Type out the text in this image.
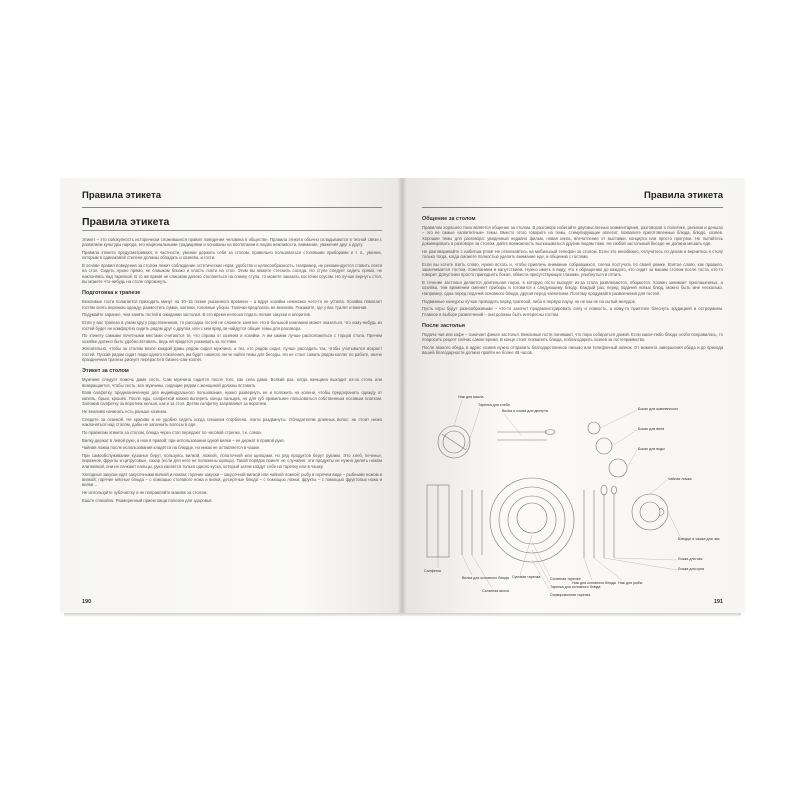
Правила этикета
Правила этикета

Этикет – это совокупность исторически сложившихся правил поведения человека в обществе. Правила этикета обычно складываются в тесной связи с развитием культуры народа, его национальными традициями и основаны на воспитании в людях вежливости, внимания, уважения друг к другу.

Правила этикета предусматривают, в частности, умение держать себя за столом, правильно пользоваться столовыми приборами и т. п., умение, которым в одинаковой степени должны обладать и хозяева, и гости.

В основе правил поведения за столом лежит соблюдение эстетических норм, удобство и целесообразность. Например, не рекомендуется ставить локти на стол. Сидеть нужно прямо, не слишком близко и класть локти на стол. Этим вы можете стеснить соседа. Но стуле следует сидеть прямо, не наклоняясь над тарелкой. В то же время не слишком далеко отклоняться на спинку стула, то можете заказать косточки соусом. Но лучше вернуть стол, вы можете что-нибудь на столе опрокинуть.

Подготовка к трапезе

Вежливые гости полагается приходить минут на 10–15 позже указанного времени – а вдруг хозяйка немножко чего-то не успела. Хозяйка помогает гостям снять верхнюю одежду, разместить сумки, зонтики, головные уборы. Тапочки предлагать не вежливо. Покажите, где у вас туалет и ванная.

Подумайте заранее, чем занять гостей в ожидании застолья. В это время неплохо подать легкие закуски и аперитив.

Если у вас трапеза в узком кругу родственников, то рассадка гостей не сложное занятие. Но в большой компании может оказаться, что кому-нибудь из гостей будет не комфортно сидеть рядом друг с другом, или с кем вряд ли найдутся общие темы для разговора.

По этикету самыми почетными местами считаются те, что справа от хозяина и хозяйки. А им самим лучше расположиться с торцов стола. Причем хозяйке должно быть удобно вставать, ведь ей придется ухаживать за гостями.

Желательно, чтобы за столом возле каждой дамы рядом сидел мужчина, а тех, кто рядом сидит, лучше рассадить так, чтобы учитывался возраст гостей. Пускай рядом сидят люди одного поколения, им будет намного легче найти темы для беседы. Но не стоит сажать рядом коллег по работе, иначе праздничная трапеза рискует перерасти в бизнес-сам коллег.

Этикет за столом

Мужчине следует помочь даме сесть. Сам мужчина садится после того, как села дама. Всякий раз, когда женщина выходит из-за стола или возвращается, чтобы сесть, все мужчины, сидящие рядом с женщиной должны вставать.

Взяв салфетку, предназначенную для индивидуального пользования, нужно развернуть ее и положить на колени, чтобы предохранить одежду от капель, брызг, крошек. После еды, салфеткой можно вытереть концы пальцев, но для губ правильнее пользоваться собственным носовым платком. Заложив салфетку за воротник нельзя, как и за стол. Детям салфетку заправляют за воротник.

Не вежливо начинать есть раньше хозяина.

Следите за осанкой. Не красиво и не удобно сидеть когда слишком сгорблена, локти раздвинуты. Обладателям длинных волос: не стоит низко наклоняться над столом, дабы не запачкать волосы в еде.

По правилам этикета за столом, блюда через стол передают по часовой стрелке, т.е. слева.

Вилку держат в левой руке, а нож в правой; при использовании одной вилки – ее держат в правой руке.

Чайная ложка после использования кладётся на блюдце, но никак не оставляется в чашке.

При самообслуживании кушанья берут, пользуясь вилкой, ложкой, лопаточной или щипцами, но ряд продуктов берут руками. Это хлеб, печенье, пирожное, фрукты и цитрусовые, сахар (если для него не положены щипцы). Такой порядок принят не случайно: эти продукты не нужно делить ножом или вилкой, они не пачкают пальцы, рука касается только одного куска, который затем кладут себе на тарелку или в чашку.

Холодные закуски едят закусочными вилкой и ножом; горячие закуски – закусочной вилкой или чайной ложкой; рыбу в горячем виде – рыбными ножом и вилкой; горячие мясные блюда – с помощью столового ножа и вилки; десертные блюда – с помощью ложки; фрукты – с помощью фруктовых ножа и вилки…

Не используйте зубочистку и не поправляйте макияж за столом.

Ешьте спокойно. Размеренный прием пищи полезен для здоровья.

190
Правила этикета
Общение за столом

Правилом хорошего тона является общение за столом. В разговоре избегайте двусмысленных комментариев, разговоров о политике, религии и деньгах – это не самые «аппетитные» темы. Вместо этого говорите на темы, стимулирующие аппетит, похвалите приготовленные блюда, блюдо, хозяев. Хорошие темы для разговора: увиденный недавно фильм, новая книга, впечатление от выставки, концерта или просто прогулки. Не пытайтесь доминировать в разговоре за столом, дайте возможность высказываться другим людям тоже. Не любой застольный беседе не должна мешать еде.

Не разговаривайте с набитым ртом! Не отвлекайтесь на мобильный телефон за столом. Если это неизбежно, отлучитесь по делам и вернитесь к столу только тогда, когда сможете полностью уделить внимание еде, и общению с гостями.

Если вы хотите взять слово, нужно встать и, чтобы привлечь внимание собравшихся, слегка постучать по своей рюмке. Взятое слово, как правило, заканчивается тостом, пожеланием и напутствием. Нужно иметь в виду, что к обращению до каждого, кто сидит за вашим столом после тоста, кто-то говорит. Допустимо просто приподнять бокал, обвести присутствующих глазами, улыбнуться и отпить.

В течение застолья делается длительная пауза, в которую гости выходят из-за стола развлекаются, общаются. Хозяин занимает приглашенных, а хозяйка, тем временем сменяет приборы и готовится к следующему блюду. Каждый раз, перед подачей новых блюд, можно быть мне несколько. Например, одна перед подачей основного блюда, другая перед чаепитием. Поэтому продумайте развлечения для гостей.

Подвижные конкурсы лучше проводить перед трапезой, либо в первую паузу, но не как не на сытый желудок.

Пусть игры будут разнообразными – что-то захочет продемонстрировать силу и ловкость, а кому-то приятнее блеснуть эрудицией и остроумием. Главное в выборе развлечений – они должны быть интересны гостям.

После застолья

Подача чая или кофе – означает финал застолья. Вежливые гости понимают, что пора собираться домой. Если какое-либо блюдо особо понравилось, то попросить рецепт сейчас самое время. В конце стоит похвалить блюда, поблагодарить хозяев за гостеприимство.

После званого обеда, в адрес хозяев нужно отправить благодарственное письмо или телефонный звонок. От момента завершения обеда и до прихода вашей благодарности должно пройти не более 48 часов.

Нож для масла
Тарелка для хлеба
Вилка и ложка для десерта	Бокал для шампанского
Бокал для вина
Бокал для воды
Чайная ложка
Блюдце и чашка для чая
Ложка для чая
Ложка для супа
Нож для рыбы
Нож для основного блюда
Салфетка
Вилка для основного блюда
Салатная вилка
Суповая тарелка	Салатная тарелка
Тарелка для основного блюда
Сервировочная тарелка
191
